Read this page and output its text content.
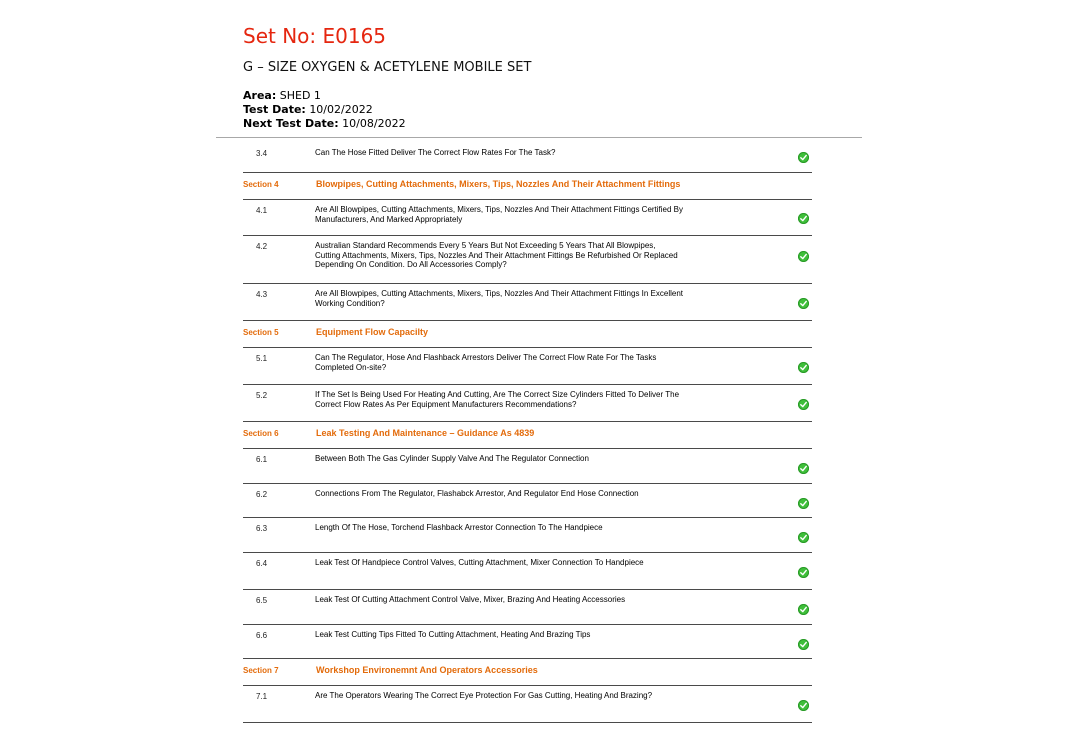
Set No: E0165
G – SIZE OXYGEN & ACETYLENE MOBILE SET
Area: SHED 1
Test Date: 10/02/2022
Next Test Date: 10/08/2022
3.4	Can The Hose Fitted Deliver The Correct Flow Rates For The Task?
Section 4	Blowpipes, Cutting Attachments, Mixers, Tips, Nozzles And Their Attachment Fittings
4.1	Are All Blowpipes, Cutting Attachments, Mixers, Tips, Nozzles And Their Attachment Fittings Certified By Manufacturers, And Marked Appropriately
4.2	Australian Standard Recommends Every 5 Years But Not Exceeding 5 Years That All Blowpipes, Cutting Attachments, Mixers, Tips, Nozzles And Their Attachment Fittings Be Refurbished Or Replaced Depending On Condition. Do All Accessories Comply?
4.3	Are All Blowpipes, Cutting Attachments, Mixers, Tips, Nozzles And Their Attachment Fittings In Excellent Working Condition?
Section 5	Equipment Flow Capacilty
5.1	Can The Regulator, Hose And Flashback Arrestors Deliver The Correct Flow Rate For The Tasks Completed On-site?
5.2	If The Set Is Being Used For Heating And Cutting, Are The Correct Size Cylinders Fitted To Deliver The Correct Flow Rates As Per Equipment Manufacturers Recommendations?
Section 6	Leak Testing And Maintenance – Guidance As 4839
6.1	Between Both The Gas Cylinder Supply Valve And The Regulator Connection
6.2	Connections From The Regulator, Flashabck Arrestor, And Regulator End Hose Connection
6.3	Length Of The Hose, Torchend Flashback Arrestor Connection To The Handpiece
6.4	Leak Test Of Handpiece Control Valves, Cutting Attachment, Mixer Connection To Handpiece
6.5	Leak Test Of Cutting Attachment Control Valve, Mixer, Brazing And Heating Accessories
6.6	Leak Test Cutting Tips Fitted To Cutting Attachment, Heating And Brazing Tips
Section 7	Workshop Environemnt And Operators Accessories
7.1	Are The Operators Wearing The Correct Eye Protection For Gas Cutting, Heating And Brazing?
